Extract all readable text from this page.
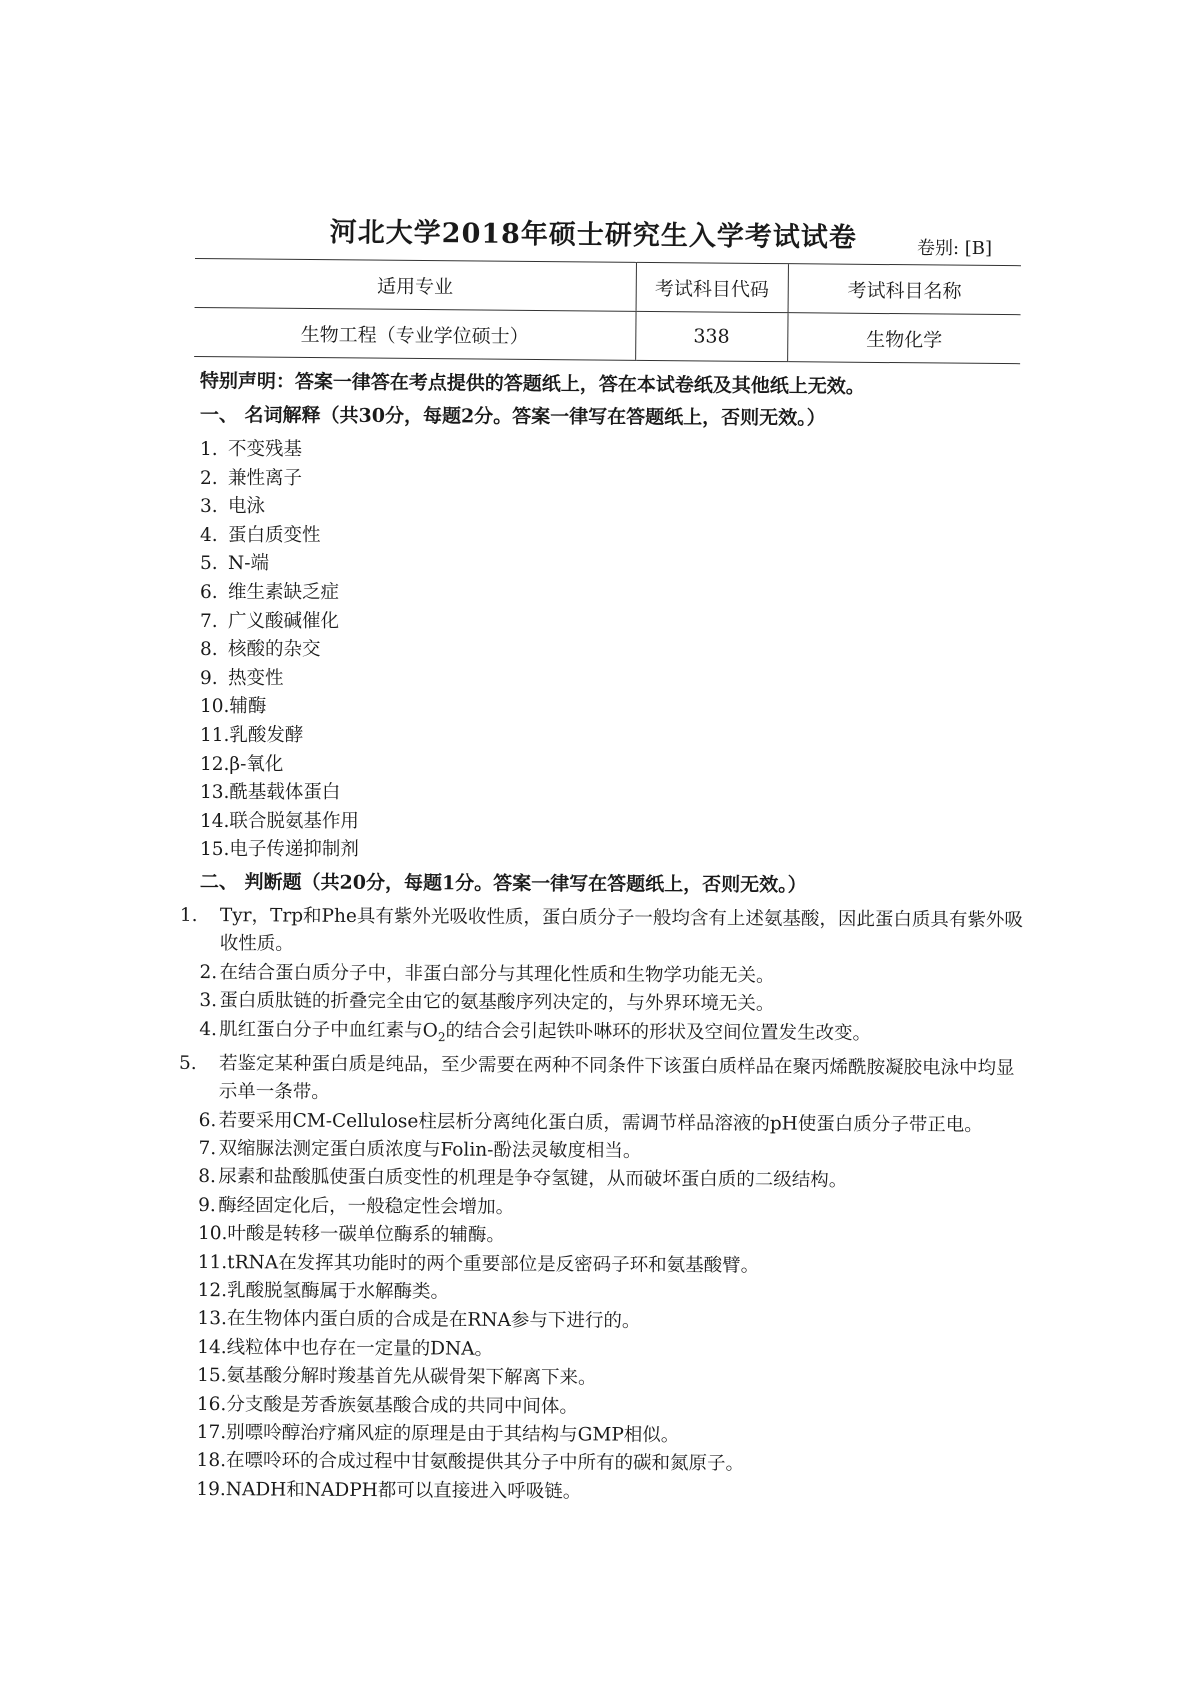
河北大学2018年硕士研究生入学考试试卷	卷别: [B]
适用专业	考试科目代码	考试科目名称
生物工程（专业学位硕士）	338	生物化学
特别声明：答案一律答在考点提供的答题纸上，答在本试卷纸及其他纸上无效。
一、 名词解释（共30分，每题2分。答案一律写在答题纸上，否则无效。）
1. 不变残基
2. 兼性离子
3. 电泳
4. 蛋白质变性
5. N-端
6. 维生素缺乏症
7. 广义酸碱催化
8. 核酸的杂交
9. 热变性
10.辅酶
11.乳酸发酵
12.β-氧化
13.酰基载体蛋白
14.联合脱氨基作用
15.电子传递抑制剂
二、 判断题（共20分，每题1分。答案一律写在答题纸上，否则无效。）
1. Tyr，Trp和Phe具有紫外光吸收性质，蛋白质分子一般均含有上述氨基酸，因此蛋白质具有紫外吸收性质。
2. 在结合蛋白质分子中，非蛋白部分与其理化性质和生物学功能无关。
3. 蛋白质肽链的折叠完全由它的氨基酸序列决定的，与外界环境无关。
4. 肌红蛋白分子中血红素与$O_2$的结合会引起铁卟啉环的形状及空间位置发生改变。
5. 若鉴定某种蛋白质是纯品，至少需要在两种不同条件下该蛋白质样品在聚丙烯酰胺凝胶电泳中均显示单一条带。
6. 若要采用CM-Cellulose柱层析分离纯化蛋白质，需调节样品溶液的pH使蛋白质分子带正电。
7. 双缩脲法测定蛋白质浓度与Folin-酚法灵敏度相当。
8. 尿素和盐酸胍使蛋白质变性的机理是争夺氢键，从而破坏蛋白质的二级结构。
9. 酶经固定化后，一般稳定性会增加。
10.叶酸是转移一碳单位酶系的辅酶。
11.tRNA在发挥其功能时的两个重要部位是反密码子环和氨基酸臂。
12.乳酸脱氢酶属于水解酶类。
13.在生物体内蛋白质的合成是在RNA参与下进行的。
14.线粒体中也存在一定量的DNA。
15.氨基酸分解时羧基首先从碳骨架下解离下来。
16.分支酸是芳香族氨基酸合成的共同中间体。
17.别嘌呤醇治疗痛风症的原理是由于其结构与GMP相似。
18.在嘌呤环的合成过程中甘氨酸提供其分子中所有的碳和氮原子。
19.NADH和NADPH都可以直接进入呼吸链。
